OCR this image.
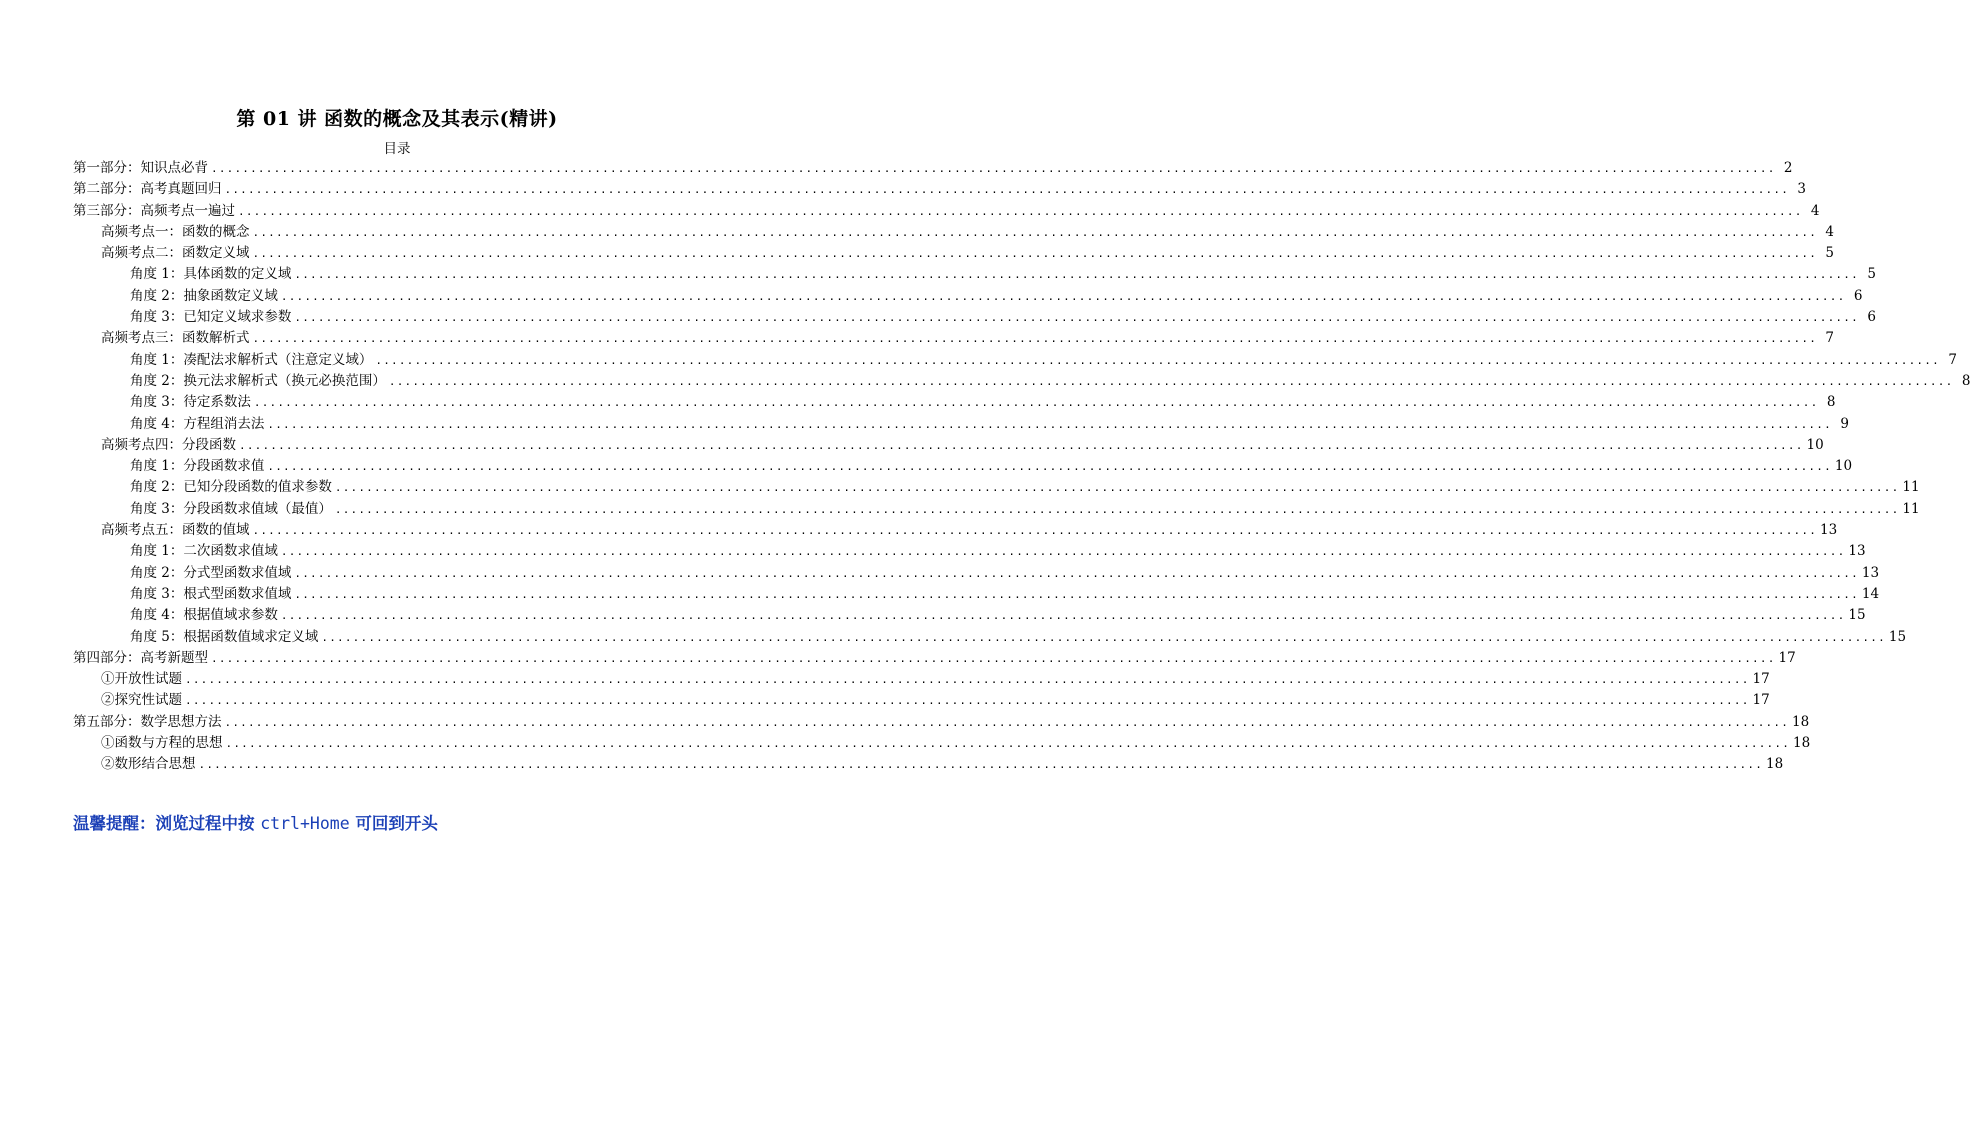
第 01 讲 函数的概念及其表示(精讲)
目录
第一部分：知识点必背 ........................................................................................................................................................................................................ 2
第二部分：高考真题回归 ........................................................................................................................................................................................................ 3
第三部分：高频考点一遍过 ........................................................................................................................................................................................................ 4
高频考点一：函数的概念 ........................................................................................................................................................................................................ 4
高频考点二：函数定义域 ........................................................................................................................................................................................................ 5
角度 1：具体函数的定义域 ........................................................................................................................................................................................................ 5
角度 2：抽象函数定义域 ........................................................................................................................................................................................................ 6
角度 3：已知定义域求参数 ........................................................................................................................................................................................................ 6
高频考点三：函数解析式 ........................................................................................................................................................................................................ 7
角度 1：凑配法求解析式（注意定义域） ........................................................................................................................................................................................................ 7
角度 2：换元法求解析式（换元必换范围） ........................................................................................................................................................................................................ 8
角度 3：待定系数法 ........................................................................................................................................................................................................ 8
角度 4：方程组消去法 ........................................................................................................................................................................................................ 9
高频考点四：分段函数 ........................................................................................................................................................................................................ 10
角度 1：分段函数求值 ........................................................................................................................................................................................................ 10
角度 2：已知分段函数的值求参数 ........................................................................................................................................................................................................ 11
角度 3：分段函数求值域（最值） ........................................................................................................................................................................................................ 11
高频考点五：函数的值域 ........................................................................................................................................................................................................ 13
角度 1：二次函数求值域 ........................................................................................................................................................................................................ 13
角度 2：分式型函数求值域 ........................................................................................................................................................................................................ 13
角度 3：根式型函数求值域 ........................................................................................................................................................................................................ 14
角度 4：根据值域求参数 ........................................................................................................................................................................................................ 15
角度 5：根据函数值域求定义域 ........................................................................................................................................................................................................ 15
第四部分：高考新题型 ........................................................................................................................................................................................................ 17
①开放性试题 ........................................................................................................................................................................................................ 17
②探究性试题 ........................................................................................................................................................................................................ 17
第五部分：数学思想方法 ........................................................................................................................................................................................................ 18
①函数与方程的思想 ........................................................................................................................................................................................................ 18
②数形结合思想 ........................................................................................................................................................................................................ 18
温馨提醒：浏览过程中按 ctrl+Home 可回到开头
